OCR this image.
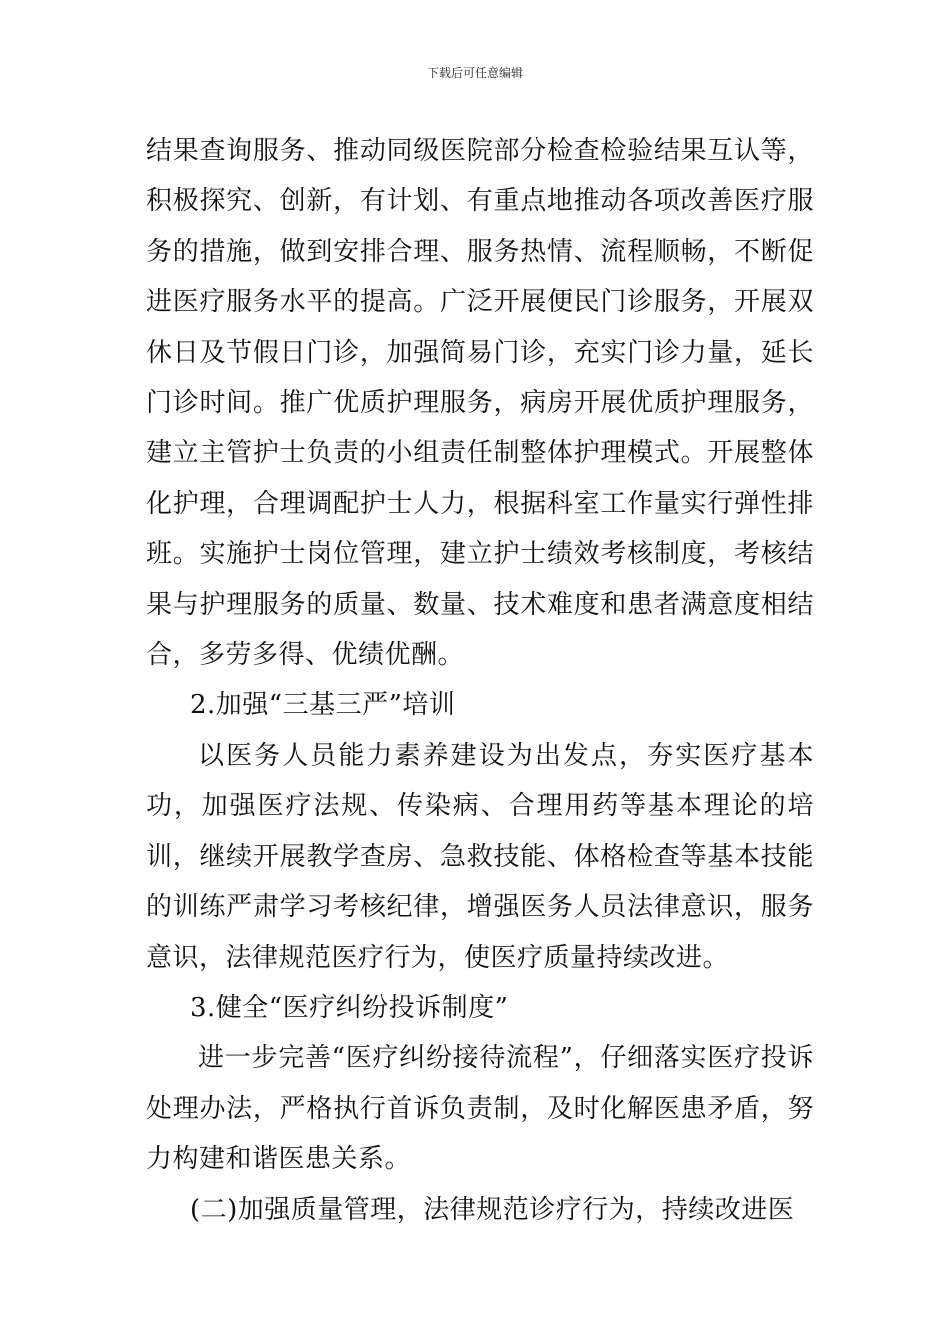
下载后可任意编辑

结果查询服务、推动同级医院部分检查检验结果互认等，积极探究、创新，有计划、有重点地推动各项改善医疗服务的措施，做到安排合理、服务热情、流程顺畅，不断促进医疗服务水平的提高。广泛开展便民门诊服务，开展双休日及节假日门诊，加强简易门诊，充实门诊力量，延长门诊时间。推广优质护理服务，病房开展优质护理服务，建立主管护士负责的小组责任制整体护理模式。开展整体化护理，合理调配护士人力，根据科室工作量实行弹性排班。实施护士岗位管理，建立护士绩效考核制度，考核结果与护理服务的质量、数量、技术难度和患者满意度相结合，多劳多得、优绩优酬。

2.加强“三基三严”培训

以医务人员能力素养建设为出发点，夯实医疗基本功，加强医疗法规、传染病、合理用药等基本理论的培训，继续开展教学查房、急救技能、体格检查等基本技能的训练严肃学习考核纪律，增强医务人员法律意识，服务意识，法律规范医疗行为，使医疗质量持续改进。

3.健全“医疗纠纷投诉制度”

进一步完善“医疗纠纷接待流程”，仔细落实医疗投诉处理办法，严格执行首诉负责制，及时化解医患矛盾，努力构建和谐医患关系。

(二)加强质量管理，法律规范诊疗行为，持续改进医
